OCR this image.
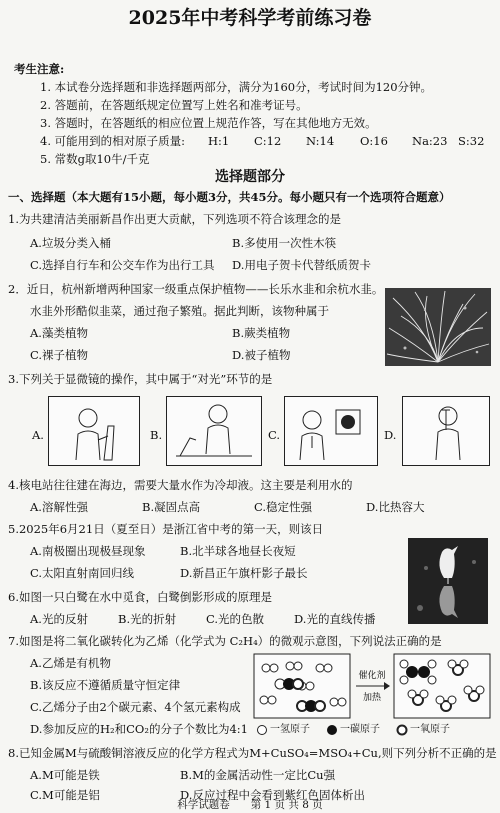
2025年中考科学考前练习卷
考生注意:
1. 本试卷分选择题和非选择题两部分，满分为160分，考试时间为120分钟。
2. 答题前，在答题纸规定位置写上姓名和准考证号。
3. 答题时，在答题纸的相应位置上规范作答，写在其他地方无效。
4. 可能用到的相对原子质量: H:1 C:12 N:14 O:16 Na:23 S:32
5. 常数g取10牛/千克
选择题部分
一、选择题（本大题有15小题，每小题3分，共45分。每小题只有一个选项符合题意）
1.为共建清洁美丽新昌作出更大贡献，下列选项不符合该理念的是
A.垃圾分类入桶	B.多使用一次性木筷
C.选择自行车和公交车作为出行工具 D.用电子贺卡代替纸质贺卡
2．近日，杭州新增两种国家一级重点保护植物——长乐水韭和余杭水韭。
水韭外形酷似韭菜，通过孢子繁殖。据此判断，该物种属于
A.藻类植物	B.蕨类植物
C.裸子植物	D.被子植物
3.下列关于显微镜的操作，其中属于“对光”环节的是
A.	B.	C.	D.
4.核电站往往建在海边，需要大量水作为冷却液。这主要是利用水的
A.溶解性强	B.凝固点高	C.稳定性强	D.比热容大
5.2025年6月21日（夏至日）是浙江省中考的第一天，则该日
A.南极圈出现极昼现象	B.北半球各地昼长夜短
C.太阳直射南回归线	D.新昌正午旗杆影子最长
6.如图一只白鹭在水中觅食，白鹭倒影形成的原理是
A.光的反射	B.光的折射	C.光的色散	D.光的直线传播
7.如图是将二氧化碳转化为乙烯（化学式为 C₂H₄）的微观示意图，下列说法正确的是
A.乙烯是有机物
B.该反应不遵循质量守恒定律
C.乙烯分子由2个碳元素、4个氢元素构成
D.参加反应的H₂和CO₂的分子个数比为4:1
催化剂
加热
一氢原子	一碳原子	一氧原子
8.已知金属M与硫酸铜溶液反应的化学方程式为M+CuSO₄=MSO₄+Cu,则下列分析不正确的是
A.M可能是铁	B.M的金属活动性一定比Cu强
C.M可能是铝	D.反应过程中会看到紫红色固体析出
科学试题卷　　第 1 页 共 8 页
